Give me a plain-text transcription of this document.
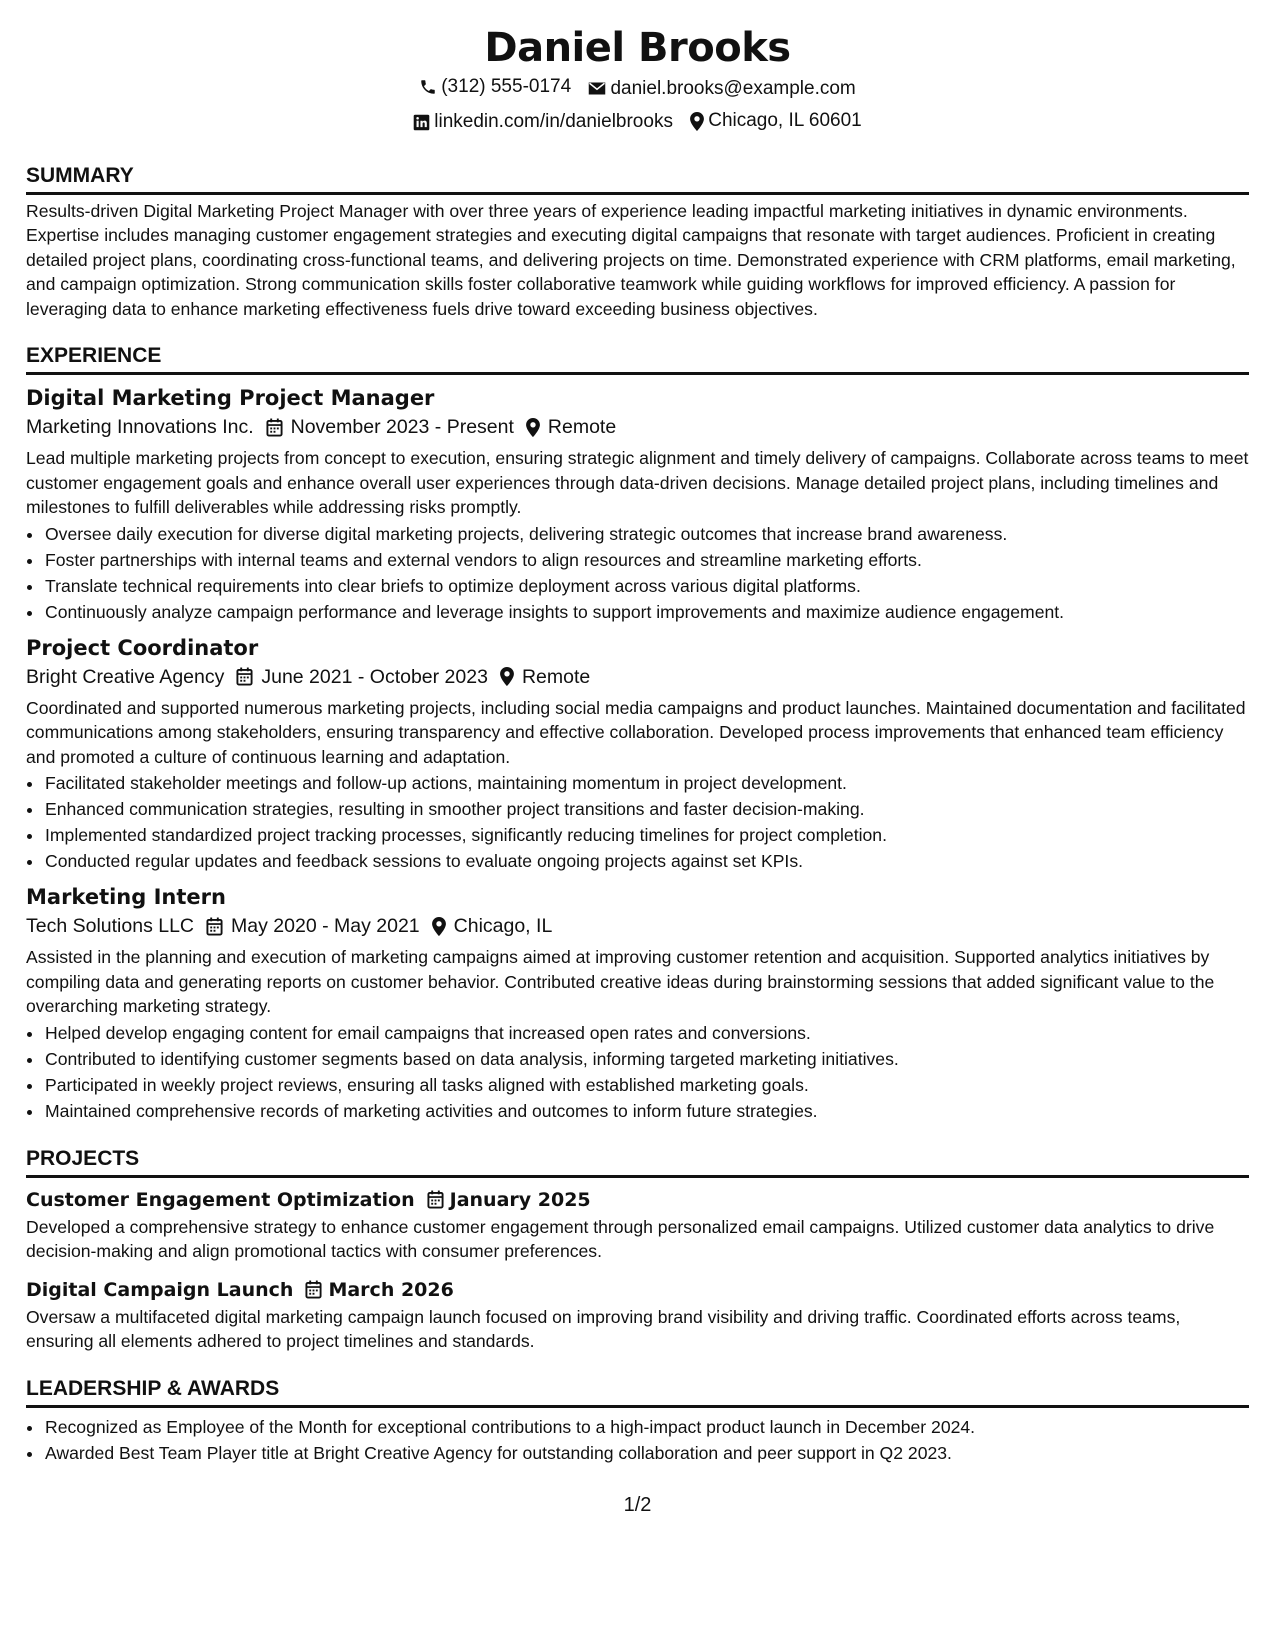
Daniel Brooks
(312) 555-0174
daniel.brooks@example.com
linkedin.com/in/danielbrooks
Chicago, IL 60601
SUMMARY

Results-driven Digital Marketing Project Manager with over three years of experience leading impactful marketing initiatives in dynamic environments. Expertise includes managing customer engagement strategies and executing digital campaigns that resonate with target audiences. Proficient in creating detailed project plans, coordinating cross-functional teams, and delivering projects on time. Demonstrated experience with CRM platforms, email marketing, and campaign optimization. Strong communication skills foster collaborative teamwork while guiding workflows for improved efficiency. A passion for leveraging data to enhance marketing effectiveness fuels drive toward exceeding business objectives.

EXPERIENCE
Digital Marketing Project Manager
Marketing Innovations Inc. November 2023 - Present Remote

Lead multiple marketing projects from concept to execution, ensuring strategic alignment and timely delivery of campaigns. Collaborate across teams to meet customer engagement goals and enhance overall user experiences through data-driven decisions. Manage detailed project plans, including timelines and milestones to fulfill deliverables while addressing risks promptly.

• Oversee daily execution for diverse digital marketing projects, delivering strategic outcomes that increase brand awareness.
• Foster partnerships with internal teams and external vendors to align resources and streamline marketing efforts.
• Translate technical requirements into clear briefs to optimize deployment across various digital platforms.
• Continuously analyze campaign performance and leverage insights to support improvements and maximize audience engagement.
Project Coordinator
Bright Creative Agency June 2021 - October 2023 Remote

Coordinated and supported numerous marketing projects, including social media campaigns and product launches. Maintained documentation and facilitated communications among stakeholders, ensuring transparency and effective collaboration. Developed process improvements that enhanced team efficiency and promoted a culture of continuous learning and adaptation.

• Facilitated stakeholder meetings and follow-up actions, maintaining momentum in project development.
• Enhanced communication strategies, resulting in smoother project transitions and faster decision-making.
• Implemented standardized project tracking processes, significantly reducing timelines for project completion.
• Conducted regular updates and feedback sessions to evaluate ongoing projects against set KPIs.
Marketing Intern
Tech Solutions LLC May 2020 - May 2021 Chicago, IL

Assisted in the planning and execution of marketing campaigns aimed at improving customer retention and acquisition. Supported analytics initiatives by compiling data and generating reports on customer behavior. Contributed creative ideas during brainstorming sessions that added significant value to the overarching marketing strategy.

• Helped develop engaging content for email campaigns that increased open rates and conversions.
• Contributed to identifying customer segments based on data analysis, informing targeted marketing initiatives.
• Participated in weekly project reviews, ensuring all tasks aligned with established marketing goals.
• Maintained comprehensive records of marketing activities and outcomes to inform future strategies.
PROJECTS
Customer Engagement Optimization January 2025

Developed a comprehensive strategy to enhance customer engagement through personalized email campaigns. Utilized customer data analytics to drive decision-making and align promotional tactics with consumer preferences.

Digital Campaign Launch March 2026

Oversaw a multifaceted digital marketing campaign launch focused on improving brand visibility and driving traffic. Coordinated efforts across teams, ensuring all elements adhered to project timelines and standards.

LEADERSHIP & AWARDS
• Recognized as Employee of the Month for exceptional contributions to a high-impact product launch in December 2024.
• Awarded Best Team Player title at Bright Creative Agency for outstanding collaboration and peer support in Q2 2023.
1/2
